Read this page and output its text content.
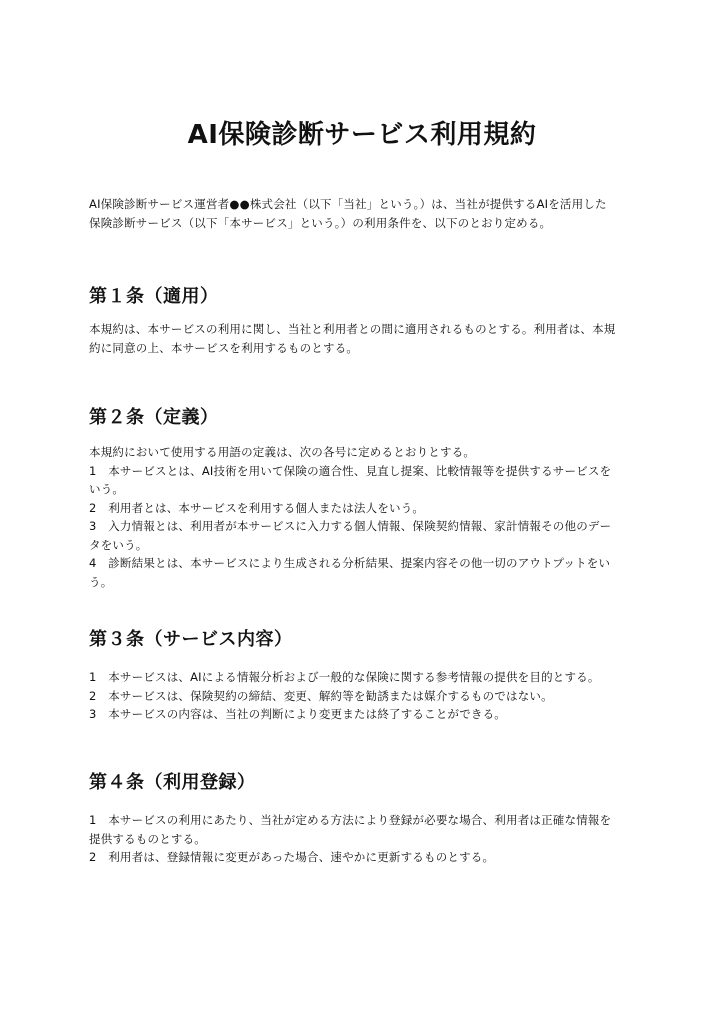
AI保険診断サービス利用規約
AI保険診断サービス運営者●●株式会社（以下「当社」という。）は、当社が提供するAIを活用した
保険診断サービス（以下「本サービス」という。）の利用条件を、以下のとおり定める。
第１条（適用）
本規約は、本サービスの利用に関し、当社と利用者との間に適用されるものとする。利用者は、本規
約に同意の上、本サービスを利用するものとする。
第２条（定義）
本規約において使用する用語の定義は、次の各号に定めるとおりとする。
1　本サービスとは、AI技術を用いて保険の適合性、見直し提案、比較情報等を提供するサービスを
いう。
2　利用者とは、本サービスを利用する個人または法人をいう。
3　入力情報とは、利用者が本サービスに入力する個人情報、保険契約情報、家計情報その他のデー
タをいう。
4　診断結果とは、本サービスにより生成される分析結果、提案内容その他一切のアウトプットをい
う。
第３条（サービス内容）
1　本サービスは、AIによる情報分析および一般的な保険に関する参考情報の提供を目的とする。
2　本サービスは、保険契約の締結、変更、解約等を勧誘または媒介するものではない。
3　本サービスの内容は、当社の判断により変更または終了することができる。
第４条（利用登録）
1　本サービスの利用にあたり、当社が定める方法により登録が必要な場合、利用者は正確な情報を
提供するものとする。
2　利用者は、登録情報に変更があった場合、速やかに更新するものとする。
